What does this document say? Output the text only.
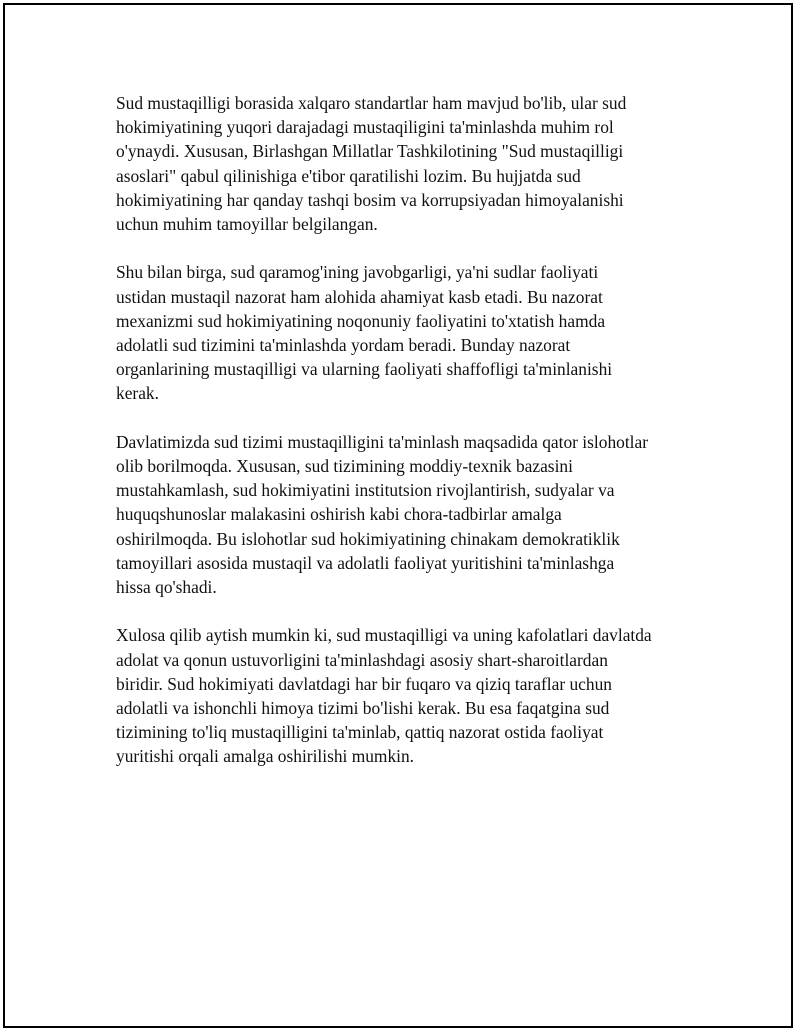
Sud mustaqilligi borasida xalqaro standartlar ham mavjud bo'lib, ular sud
hokimiyatining yuqori darajadagi mustaqiligini ta'minlashda muhim rol
o'ynaydi. Xususan, Birlashgan Millatlar Tashkilotining "Sud mustaqilligi
asoslari" qabul qilinishiga e'tibor qaratilishi lozim. Bu hujjatda sud
hokimiyatining har qanday tashqi bosim va korrupsiyadan himoyalanishi
uchun muhim tamoyillar belgilangan.

Shu bilan birga, sud qaramog'ining javobgarligi, ya'ni sudlar faoliyati
ustidan mustaqil nazorat ham alohida ahamiyat kasb etadi. Bu nazorat
mexanizmi sud hokimiyatining noqonuniy faoliyatini to'xtatish hamda
adolatli sud tizimini ta'minlashda yordam beradi. Bunday nazorat
organlarining mustaqilligi va ularning faoliyati shaffofligi ta'minlanishi
kerak.

Davlatimizda sud tizimi mustaqilligini ta'minlash maqsadida qator islohotlar
olib borilmoqda. Xususan, sud tizimining moddiy-texnik bazasini
mustahkamlash, sud hokimiyatini institutsion rivojlantirish, sudyalar va
huquqshunoslar malakasini oshirish kabi chora-tadbirlar amalga
oshirilmoqda. Bu islohotlar sud hokimiyatining chinakam demokratiklik
tamoyillari asosida mustaqil va adolatli faoliyat yuritishini ta'minlashga
hissa qo'shadi.

Xulosa qilib aytish mumkin ki, sud mustaqilligi va uning kafolatlari davlatda
adolat va qonun ustuvorligini ta'minlashdagi asosiy shart-sharoitlardan
biridir. Sud hokimiyati davlatdagi har bir fuqaro va qiziq taraflar uchun
adolatli va ishonchli himoya tizimi bo'lishi kerak. Bu esa faqatgina sud
tizimining to'liq mustaqilligini ta'minlab, qattiq nazorat ostida faoliyat
yuritishi orqali amalga oshirilishi mumkin.
